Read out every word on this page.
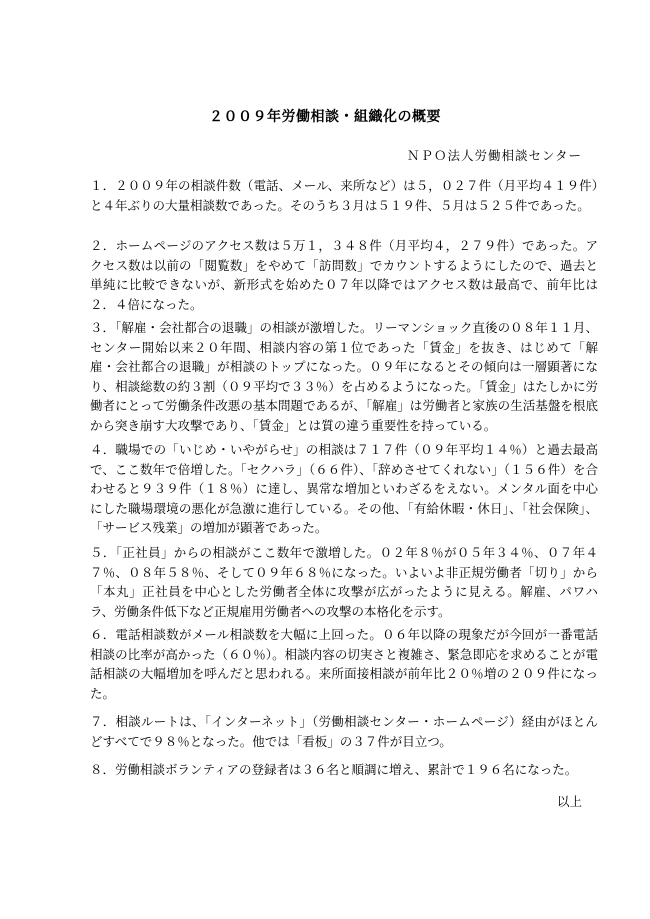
２００９年労働相談・組織化の概要
ＮＰＯ法人労働相談センター
１．２００９年の相談件数（電話、メール、来所など）は５，０２７件（月平均４１９件）と４年ぶりの大量相談数であった。そのうち３月は５１９件、５月は５２５件であった。
２．ホームページのアクセス数は５万１，３４８件（月平均４，２７９件）であった。アクセス数は以前の「閲覧数」をやめて「訪問数」でカウントするようにしたので、過去と単純に比較できないが、新形式を始めた０７年以降ではアクセス数は最高で、前年比は２．４倍になった。
３．「解雇・会社都合の退職」の相談が激増した。リーマンショック直後の０８年１１月、センター開始以来２０年間、相談内容の第１位であった「賃金」を抜き、はじめて「解雇・会社都合の退職」が相談のトップになった。０９年になるとその傾向は一層顕著になり、相談総数の約３割（０９平均で３３％）を占めるようになった。「賃金」はたしかに労働者にとって労働条件改悪の基本問題であるが、「解雇」は労働者と家族の生活基盤を根底から突き崩す大攻撃であり、「賃金」とは質の違う重要性を持っている。
４．職場での「いじめ・いやがらせ」の相談は７１７件（０９年平均１４％）と過去最高で、ここ数年で倍増した。「セクハラ」（６６件）、「辞めさせてくれない」（１５６件）を合わせると９３９件（１８％）に達し、異常な増加といわざるをえない。メンタル面を中心にした職場環境の悪化が急激に進行している。その他、「有給休暇・休日」、「社会保険」、「サービス残業」の増加が顕著であった。
５．「正社員」からの相談がここ数年で激増した。０２年８％が０５年３４％、０７年４７％、０８年５８％、そして０９年６８％になった。いよいよ非正規労働者「切り」から「本丸」正社員を中心とした労働者全体に攻撃が広がったように見える。解雇、パワハラ、労働条件低下など正規雇用労働者への攻撃の本格化を示す。
６．電話相談数がメール相談数を大幅に上回った。０６年以降の現象だが今回が一番電話相談の比率が高かった（６０％）。相談内容の切実さと複雑さ、緊急即応を求めることが電話相談の大幅増加を呼んだと思われる。来所面接相談が前年比２０％増の２０９件になった。
７．相談ルートは、「インターネット」（労働相談センター・ホームページ）経由がほとんどすべてで９８％となった。他では「看板」の３７件が目立つ。
８．労働相談ボランティアの登録者は３６名と順調に増え、累計で１９６名になった。
以上
